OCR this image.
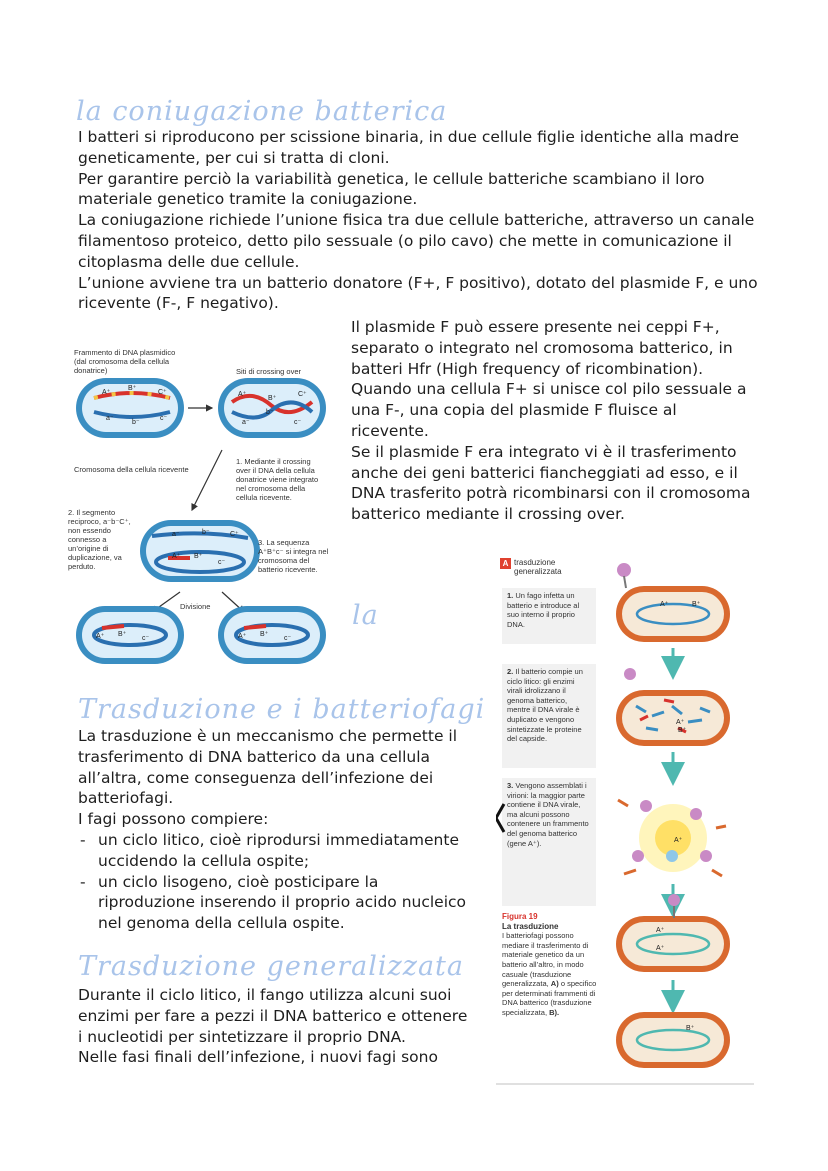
la coniugazione batterica

I batteri si riproducono per scissione binaria, in due cellule figlie identiche alla madre geneticamente, per cui si tratta di cloni.

Per garantire perciò la variabilità genetica, le cellule batteriche scambiano il loro materiale genetico tramite la coniugazione.

La coniugazione richiede l’unione fisica tra due cellule batteriche, attraverso un canale filamentoso proteico, detto pilo sessuale (o pilo cavo) che mette in comunicazione il citoplasma delle due cellule.

L’unione avviene tra un batterio donatore (F+, F positivo), dotato del plasmide F, e uno ricevente (F-, F negativo).

Il plasmide F può essere presente nei ceppi F+, separato o integrato nel cromosoma batterico, in batteri Hfr (High frequency of ricombination). Quando una cellula F+ si unisce col pilo sessuale a una F-, una copia del plasmide F fluisce al ricevente.

Se il plasmide F era integrato vi è il trasferimento anche dei geni batterici fiancheggiati ad esso, e il DNA trasferito potrà ricombinarsi con il cromosoma batterico mediante il crossing over.

A⁺
B⁺
C⁺
a⁻
b⁻
c⁻
A⁺
B⁺
C⁺
a⁻
b⁻
c⁻
a⁻	b⁻	C⁺
A⁺ B⁺
c⁻
A⁺ B⁺
c⁻	A⁺ B⁺
c⁻
Frammento di DNA plasmidico (dal cromosoma della cellula donatrice)	Siti di crossing over
Cromosoma della cellula ricevente
1. Mediante il crossing over il DNA della cellula donatrice viene integrato nel cromosoma della cellula ricevente.
2. Il segmento reciproco, a⁻b⁻C⁺, non essendo connesso a un’origine di duplicazione, va perduto.
3. La sequenza A⁺B⁺c⁻ si integra nel cromosoma del batterio ricevente.
Divisione	la
Trasduzione e i batteriofagi

La trasduzione è un meccanismo che permette il trasferimento di DNA batterico da una cellula all’altra, come conseguenza dell’infezione dei batteriofagi.

I fagi possono compiere:

- un ciclo litico, cioè riprodursi immediatamente uccidendo la cellula ospite;
- un ciclo lisogeno, cioè posticipare la riproduzione inserendo il proprio acido nucleico nel genoma della cellula ospite.
Trasduzione generalizzata

Durante il ciclo litico, il fango utilizza alcuni suoi enzimi per fare a pezzi il DNA batterico e ottenere i nucleotidi per sintetizzare il proprio DNA.

Nelle fasi finali dell’infezione, i nuovi fagi sono

A trasduzione generalizzata
1. Un fago infetta un batterio e introduce al suo interno il proprio DNA.
2. Il batterio compie un ciclo litico: gli enzimi virali idrolizzano il genoma batterico, mentre il DNA virale è duplicato e vengono sintetizzate le proteine del capside.
3. Vengono assemblati i virioni: la maggior parte contiene il DNA virale, ma alcuni possono contenere un frammento del genoma batterico (gene A⁺).
Figura 19
La trasduzione
I batteriofagi possono mediare il trasferimento di materiale genetico da un batterio all’altro, in modo casuale (trasduzione generalizzata, A) o specifico per determinati frammenti di DNA batterico (trasduzione specializzata, B).
A⁺	B⁺
A⁺
B⁺
A⁺
A⁺
A⁺
B⁺
